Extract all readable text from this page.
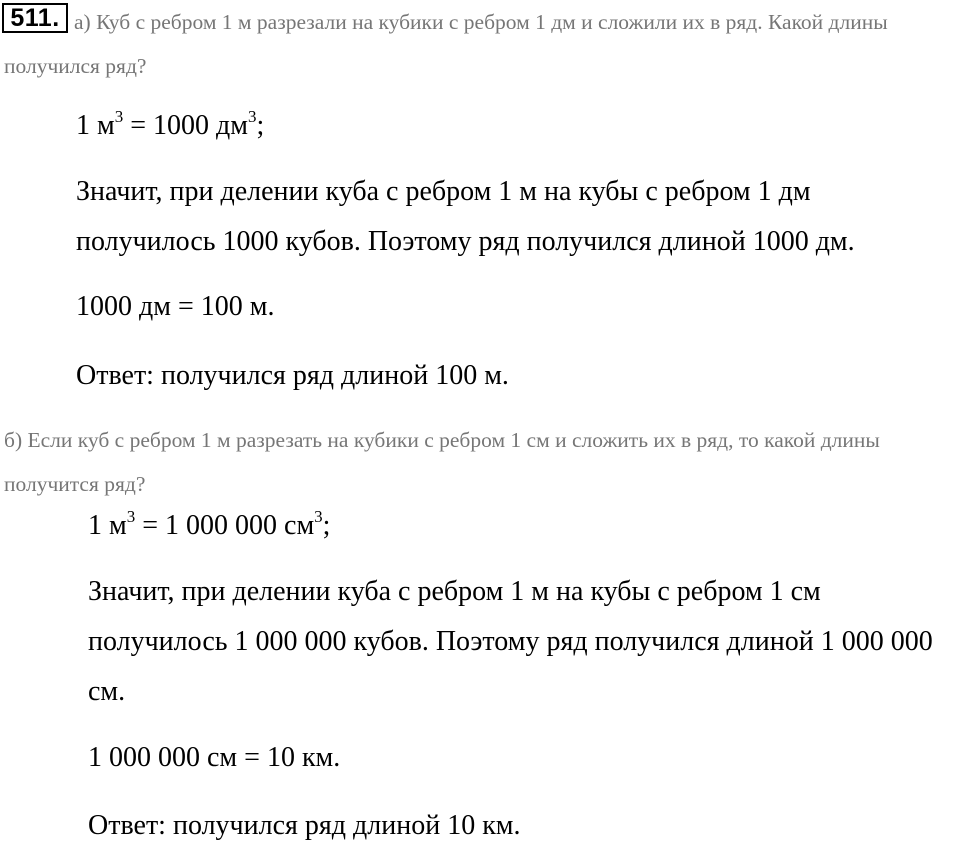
511. а) Куб с ребром 1 м разрезали на кубики с ребром 1 дм и сложили их в ряд. Какой длины получился ряд?

1 $м^3 = 1000$ $дм^3$;

Значит, при делении куба с ребром 1 м на кубы с ребром 1 дм получилось 1000 кубов. Поэтому ряд получился длиной 1000 дм.

1000 дм = 100 м.
Ответ: получился ряд длиной 100 м.

б) Если куб с ребром 1 м разрезать на кубики с ребром 1 см и сложить их в ряд, то какой длины получится ряд?

1 $м^3 = 1$ 000 000 $см^3$;

Значит, при делении куба с ребром 1 м на кубы с ребром 1 см получилось 1 000 000 кубов. Поэтому ряд получился длиной 1 000 000 см.

1 000 000 см = 10 км.
Ответ: получился ряд длиной 10 км.
